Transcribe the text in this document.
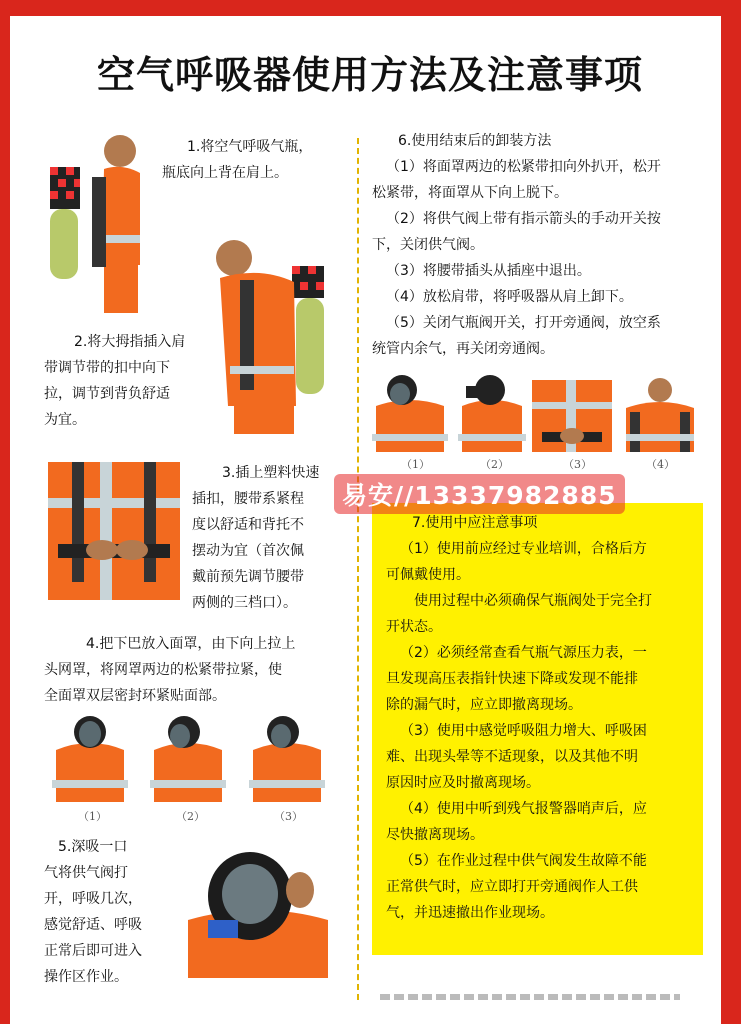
空气呼吸器使用方法及注意事项

1.将空气呼吸气瓶，

瓶底向上背在肩上。

2.将大拇指插入肩

带调节带的扣中向下

拉，调节到背负舒适

为宜。

3.插上塑料快速

插扣，腰带系紧程

度以舒适和背托不

摆动为宜（首次佩

戴前预先调节腰带

两侧的三档口）。

4.把下巴放入面罩，由下向上拉上

头网罩，将网罩两边的松紧带拉紧，使

全面罩双层密封环紧贴面部。

（1）	（2）	（3）

5.深吸一口

气将供气阀打

开，呼吸几次，

感觉舒适、呼吸

正常后即可进入

操作区作业。

6.使用结束后的卸装方法

（1）将面罩两边的松紧带扣向外扒开，松开

松紧带，将面罩从下向上脱下。

（2）将供气阀上带有指示箭头的手动开关按

下，关闭供气阀。

（3）将腰带插头从插座中退出。

（4）放松肩带，将呼吸器从肩上卸下。

（5）关闭气瓶阀开关，打开旁通阀，放空系

统管内余气，再关闭旁通阀。

（1）	（2）	（3）	（4）

7.使用中应注意事项

（1）使用前应经过专业培训，合格后方

可佩戴使用。

使用过程中必须确保气瓶阀处于完全打

开状态。

（2）必须经常查看气瓶气源压力表，一

旦发现高压表指针快速下降或发现不能排

除的漏气时，应立即撤离现场。

（3）使用中感觉呼吸阻力增大、呼吸困

难、出现头晕等不适现象，以及其他不明

原因时应及时撤离现场。

（4）使用中听到残气报警器哨声后，应

尽快撤离现场。

（5）在作业过程中供气阀发生故障不能

正常供气时，应立即打开旁通阀作人工供

气，并迅速撤出作业现场。

易安//13337982885
